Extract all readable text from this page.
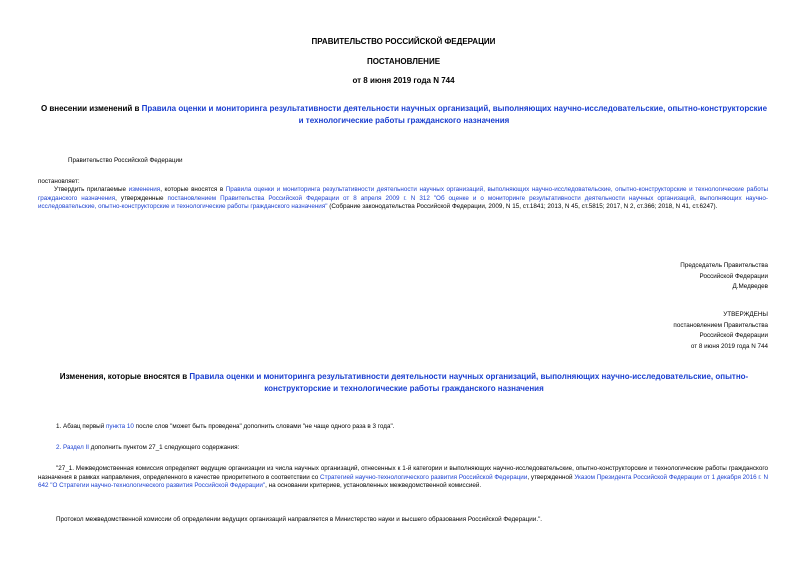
ПРАВИТЕЛЬСТВО РОССИЙСКОЙ ФЕДЕРАЦИИ
ПОСТАНОВЛЕНИЕ
от 8 июня 2019 года N 744
О внесении изменений в Правила оценки и мониторинга результативности деятельности научных организаций, выполняющих научно-исследовательские, опытно-конструкторские и технологические работы гражданского назначения
Правительство Российской Федерации
постановляет:
Утвердить прилагаемые изменения, которые вносятся в Правила оценки и мониторинга результативности деятельности научных организаций, выполняющих научно-исследовательские, опытно-конструкторские и технологические работы гражданского назначения, утвержденные постановлением Правительства Российской Федерации от 8 апреля 2009 г. N 312 "Об оценке и о мониторинге результативности деятельности научных организаций, выполняющих научно-исследовательские, опытно-конструкторские и технологические работы гражданского назначения" (Собрание законодательства Российской Федерации, 2009, N 15, ст.1841; 2013, N 45, ст.5815; 2017, N 2, ст.366; 2018, N 41, ст.6247).
Председатель Правительства
Российской Федерации
Д.Медведев
УТВЕРЖДЕНЫ
постановлением Правительства
Российской Федерации
от 8 июня 2019 года N 744
Изменения, которые вносятся в Правила оценки и мониторинга результативности деятельности научных организаций, выполняющих научно-исследовательские, опытно-конструкторские и технологические работы гражданского назначения
1. Абзац первый пункта 10 после слов "может быть проведена" дополнить словами "не чаще одного раза в 3 года".
2. Раздел II дополнить пунктом 27_1 следующего содержания:
"27_1. Межведомственная комиссия определяет ведущие организации из числа научных организаций, отнесенных к 1-й категории и выполняющих научно-исследовательские, опытно-конструкторские и технологические работы гражданского назначения в рамках направления, определенного в качестве приоритетного в соответствии со Стратегией научно-технологического развития Российской Федерации, утвержденной Указом Президента Российской Федерации от 1 декабря 2016 г. N 642 "О Стратегии научно-технологического развития Российской Федерации", на основании критериев, установленных межведомственной комиссией.
Протокол межведомственной комиссии об определении ведущих организаций направляется в Министерство науки и высшего образования Российской Федерации.".
